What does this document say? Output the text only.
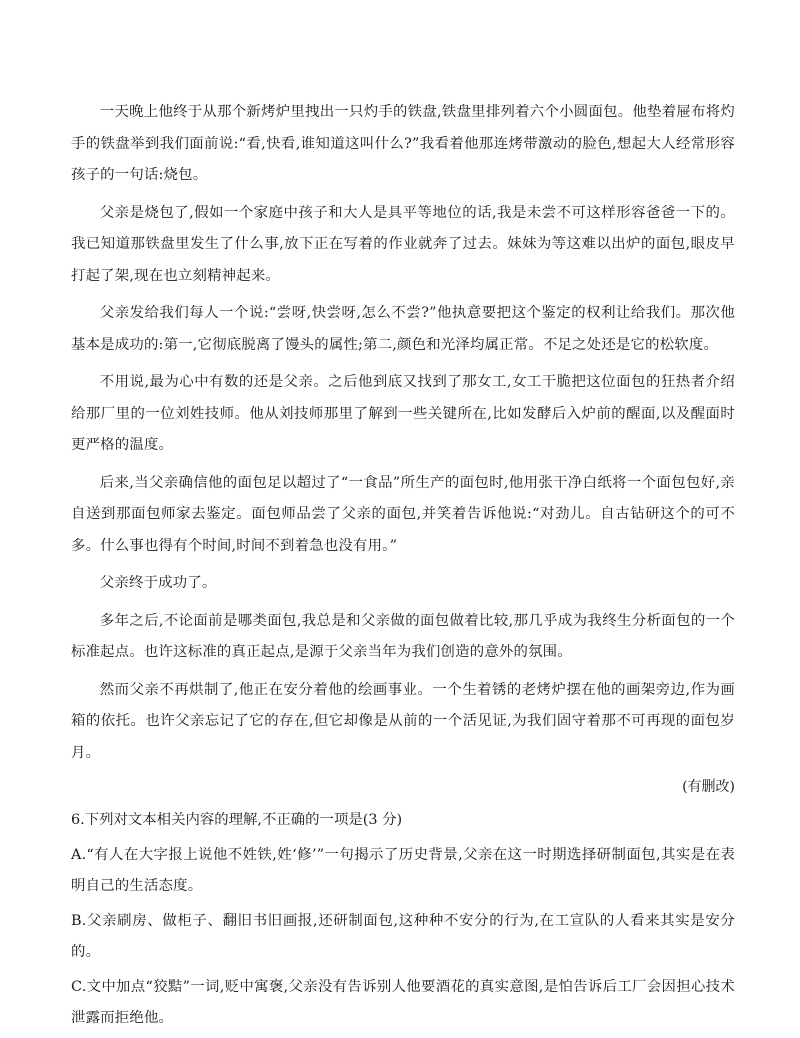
一天晚上他终于从那个新烤炉里拽出一只灼手的铁盘,铁盘里排列着六个小圆面包。他垫着屉布将灼手的铁盘举到我们面前说:“看,快看,谁知道这叫什么?”我看着他那连烤带激动的脸色,想起大人经常形容孩子的一句话:烧包。

父亲是烧包了,假如一个家庭中孩子和大人是具平等地位的话,我是未尝不可这样形容爸爸一下的。我已知道那铁盘里发生了什么事,放下正在写着的作业就奔了过去。妹妹为等这难以出炉的面包,眼皮早打起了架,现在也立刻精神起来。

父亲发给我们每人一个说:“尝呀,快尝呀,怎么不尝?”他执意要把这个鉴定的权利让给我们。那次他基本是成功的:第一,它彻底脱离了馒头的属性;第二,颜色和光泽均属正常。不足之处还是它的松软度。

不用说,最为心中有数的还是父亲。之后他到底又找到了那女工,女工干脆把这位面包的狂热者介绍给那厂里的一位刘姓技师。他从刘技师那里了解到一些关键所在,比如发酵后入炉前的醒面,以及醒面时更严格的温度。

后来,当父亲确信他的面包足以超过了“一食品”所生产的面包时,他用张干净白纸将一个面包包好,亲自送到那面包师家去鉴定。面包师品尝了父亲的面包,并笑着告诉他说:“对劲儿。自古钻研这个的可不多。什么事也得有个时间,时间不到着急也没有用。”

父亲终于成功了。

多年之后,不论面前是哪类面包,我总是和父亲做的面包做着比较,那几乎成为我终生分析面包的一个标准起点。也许这标准的真正起点,是源于父亲当年为我们创造的意外的氛围。

然而父亲不再烘制了,他正在安分着他的绘画事业。一个生着锈的老烤炉摆在他的画架旁边,作为画箱的依托。也许父亲忘记了它的存在,但它却像是从前的一个活见证,为我们固守着那不可再现的面包岁月。

(有删改)

6.下列对文本相关内容的理解,不正确的一项是(3 分)

A.“有人在大字报上说他不姓铁,姓‘修’”一句揭示了历史背景,父亲在这一时期选择研制面包,其实是在表明自己的生活态度。

B.父亲刷房、做柜子、翻旧书旧画报,还研制面包,这种种不安分的行为,在工宣队的人看来其实是安分的。

C.文中加点“狡黠”一词,贬中寓褒,父亲没有告诉别人他要酒花的真实意图,是怕告诉后工厂会因担心技术泄露而拒绝他。
